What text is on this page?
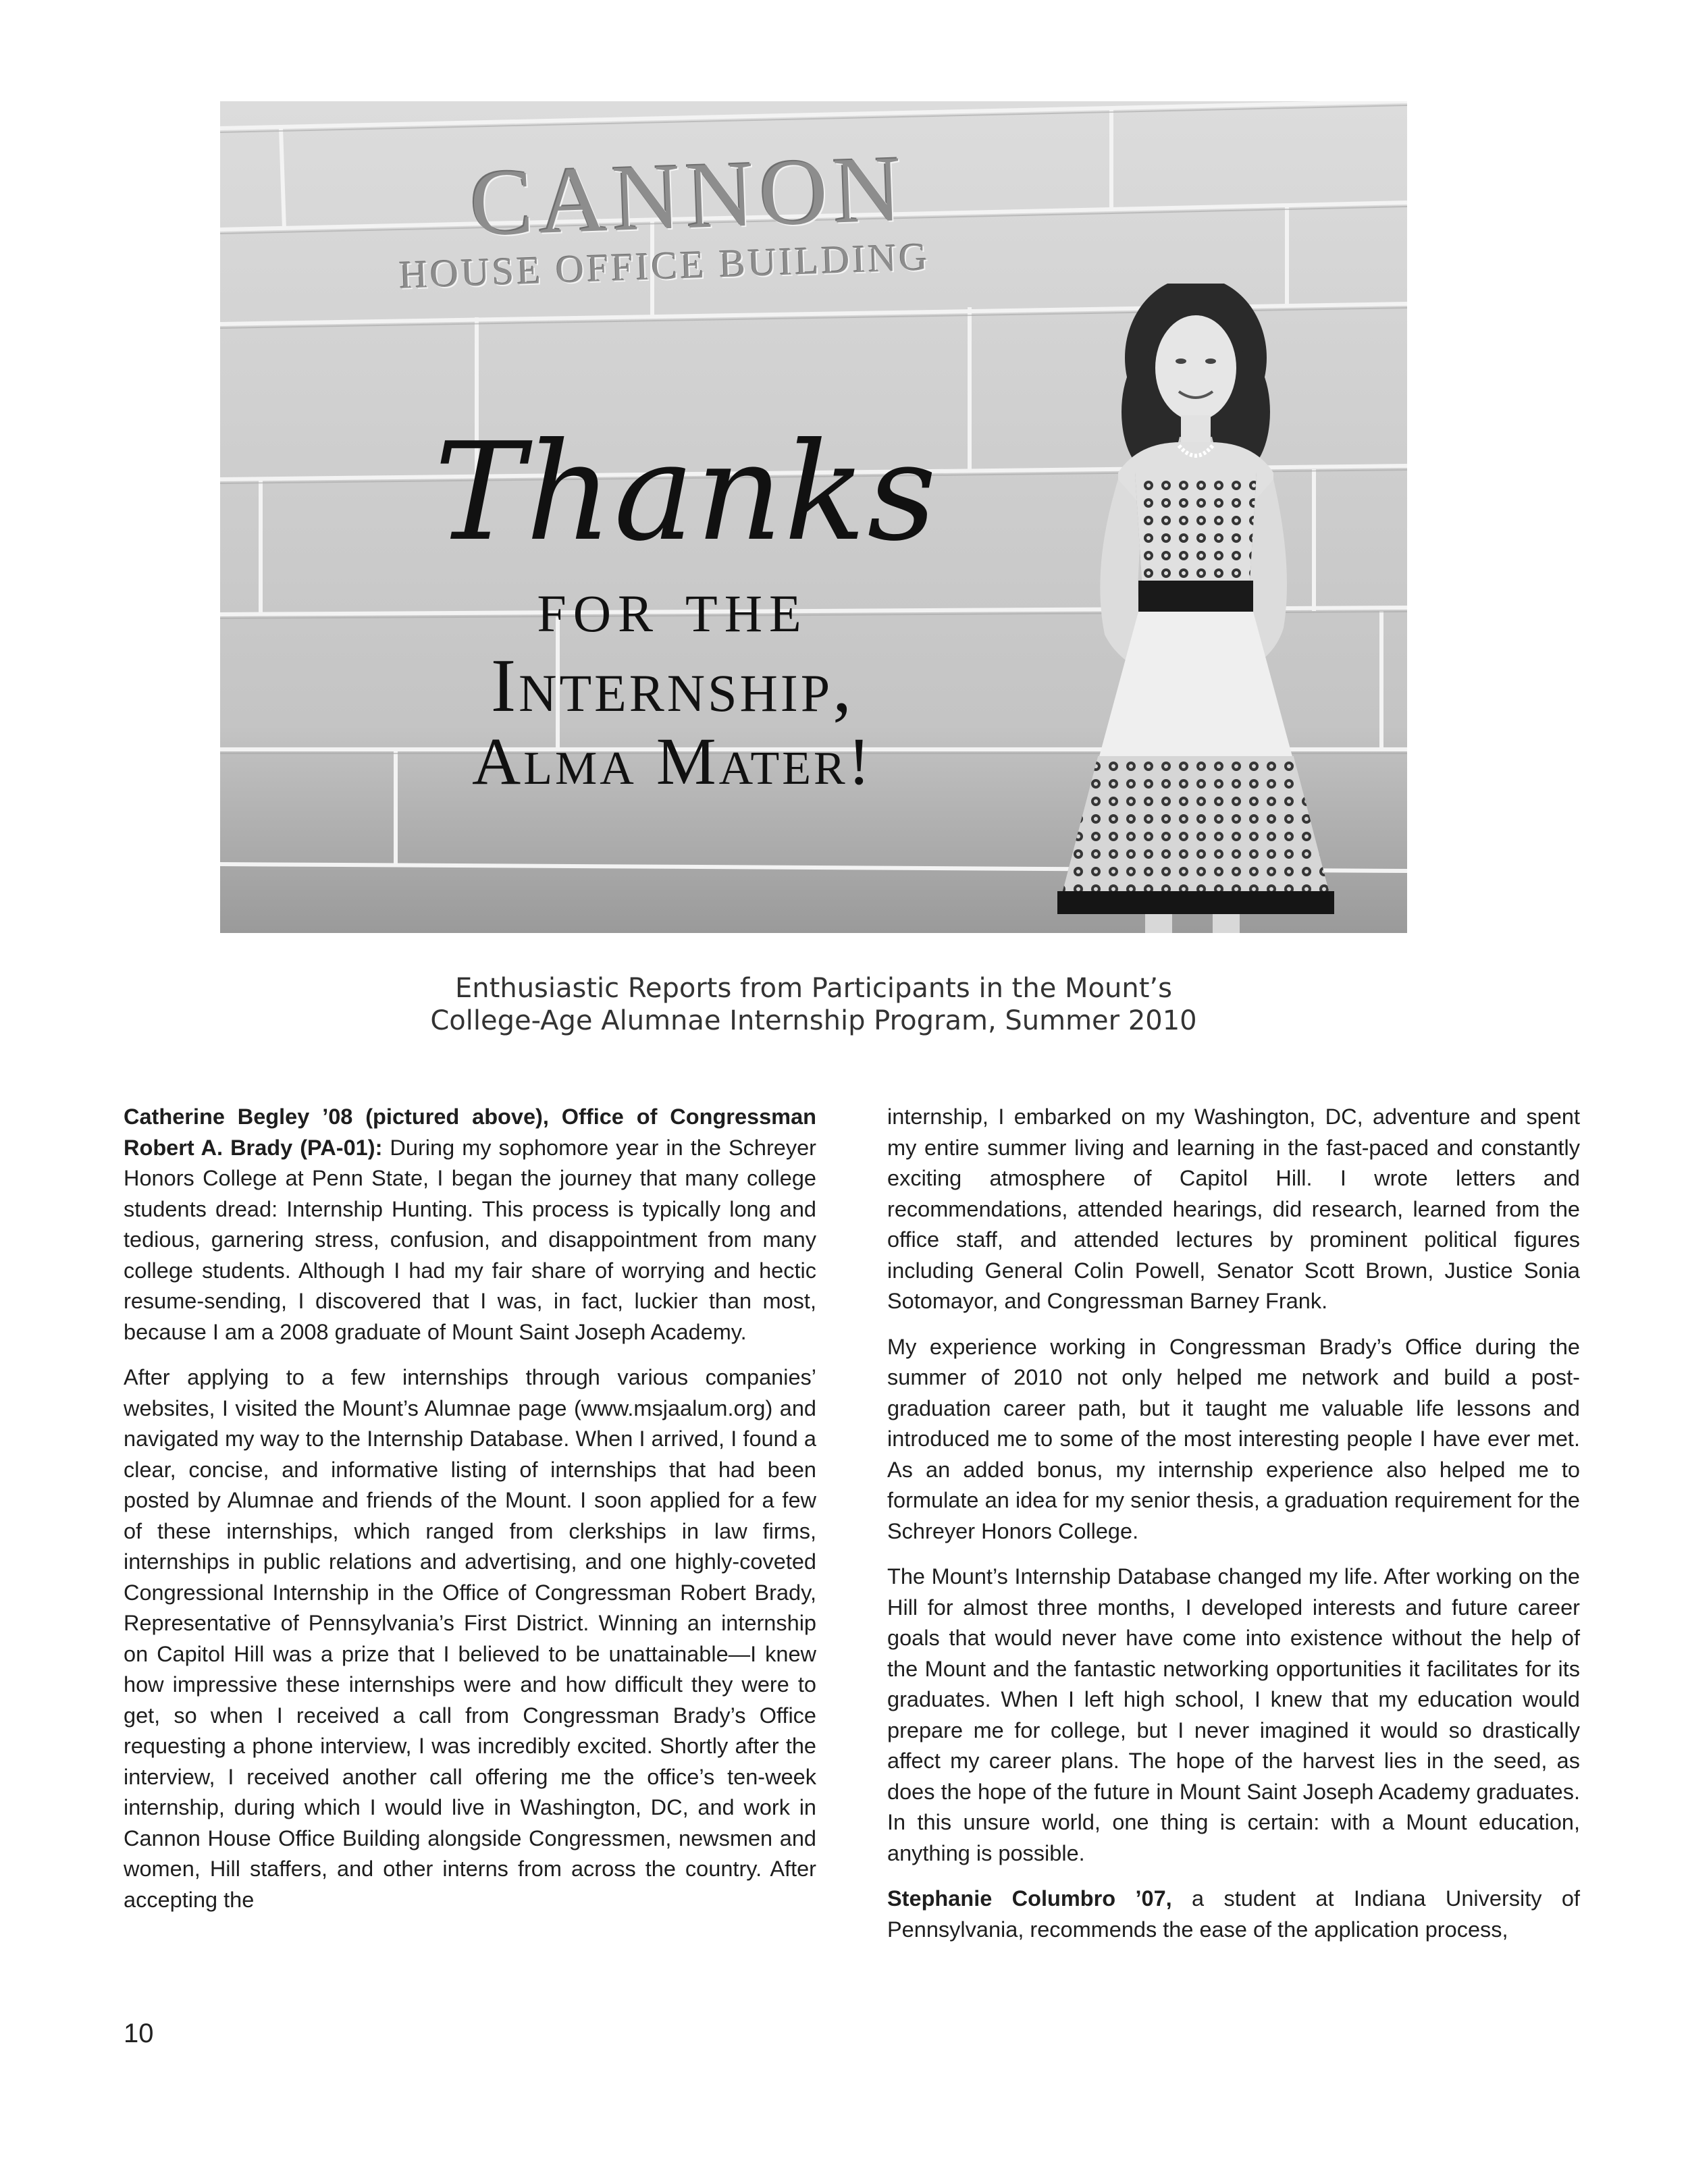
CANNON
HOUSE OFFICE BUILDING
Thanks
for the
Internship,
Alma Mater!
Enthusiastic Reports from Participants in the Mount’s
College-Age Alumnae Internship Program, Summer 2010

Catherine Begley ’08 (pictured above), Office of Congressman Robert A. Brady (PA-01): During my sophomore year in the Schreyer Honors College at Penn State, I began the journey that many college students dread: Internship Hunting. This process is typically long and tedious, garnering stress, confusion, and disappointment from many college students. Although I had my fair share of worrying and hectic resume-sending, I discovered that I was, in fact, luckier than most, because I am a 2008 graduate of Mount Saint Joseph Academy.

After applying to a few internships through various companies’ websites, I visited the Mount’s Alumnae page (www.msjaalum.org) and navigated my way to the Internship Database. When I arrived, I found a clear, concise, and informative listing of internships that had been posted by Alumnae and friends of the Mount. I soon applied for a few of these internships, which ranged from clerkships in law firms, internships in public relations and advertising, and one highly-coveted Congressional Internship in the Office of Congressman Robert Brady, Representative of Pennsylvania’s First District. Winning an internship on Capitol Hill was a prize that I believed to be unattainable—I knew how impressive these internships were and how difficult they were to get, so when I received a call from Congressman Brady’s Office requesting a phone interview, I was incredibly excited. Shortly after the interview, I received another call offering me the office’s ten-week internship, during which I would live in Washington, DC, and work in Cannon House Office Building alongside Congressmen, newsmen and women, Hill staffers, and other interns from across the country. After accepting the

internship, I embarked on my Washington, DC, adventure and spent my entire summer living and learning in the fast-paced and constantly exciting atmosphere of Capitol Hill. I wrote letters and recommendations, attended hearings, did research, learned from the office staff, and attended lectures by prominent political figures including General Colin Powell, Senator Scott Brown, Justice Sonia Sotomayor, and Congressman Barney Frank.

My experience working in Congressman Brady’s Office during the summer of 2010 not only helped me network and build a post-graduation career path, but it taught me valuable life lessons and introduced me to some of the most interesting people I have ever met. As an added bonus, my internship experience also helped me to formulate an idea for my senior thesis, a graduation requirement for the Schreyer Honors College.

The Mount’s Internship Database changed my life. After working on the Hill for almost three months, I developed interests and future career goals that would never have come into existence without the help of the Mount and the fantastic networking opportunities it facilitates for its graduates. When I left high school, I knew that my education would prepare me for college, but I never imagined it would so drastically affect my career plans. The hope of the harvest lies in the seed, as does the hope of the future in Mount Saint Joseph Academy graduates. In this unsure world, one thing is certain: with a Mount education, anything is possible.

Stephanie Columbro ’07, a student at Indiana University of Pennsylvania, recommends the ease of the application process,

10
